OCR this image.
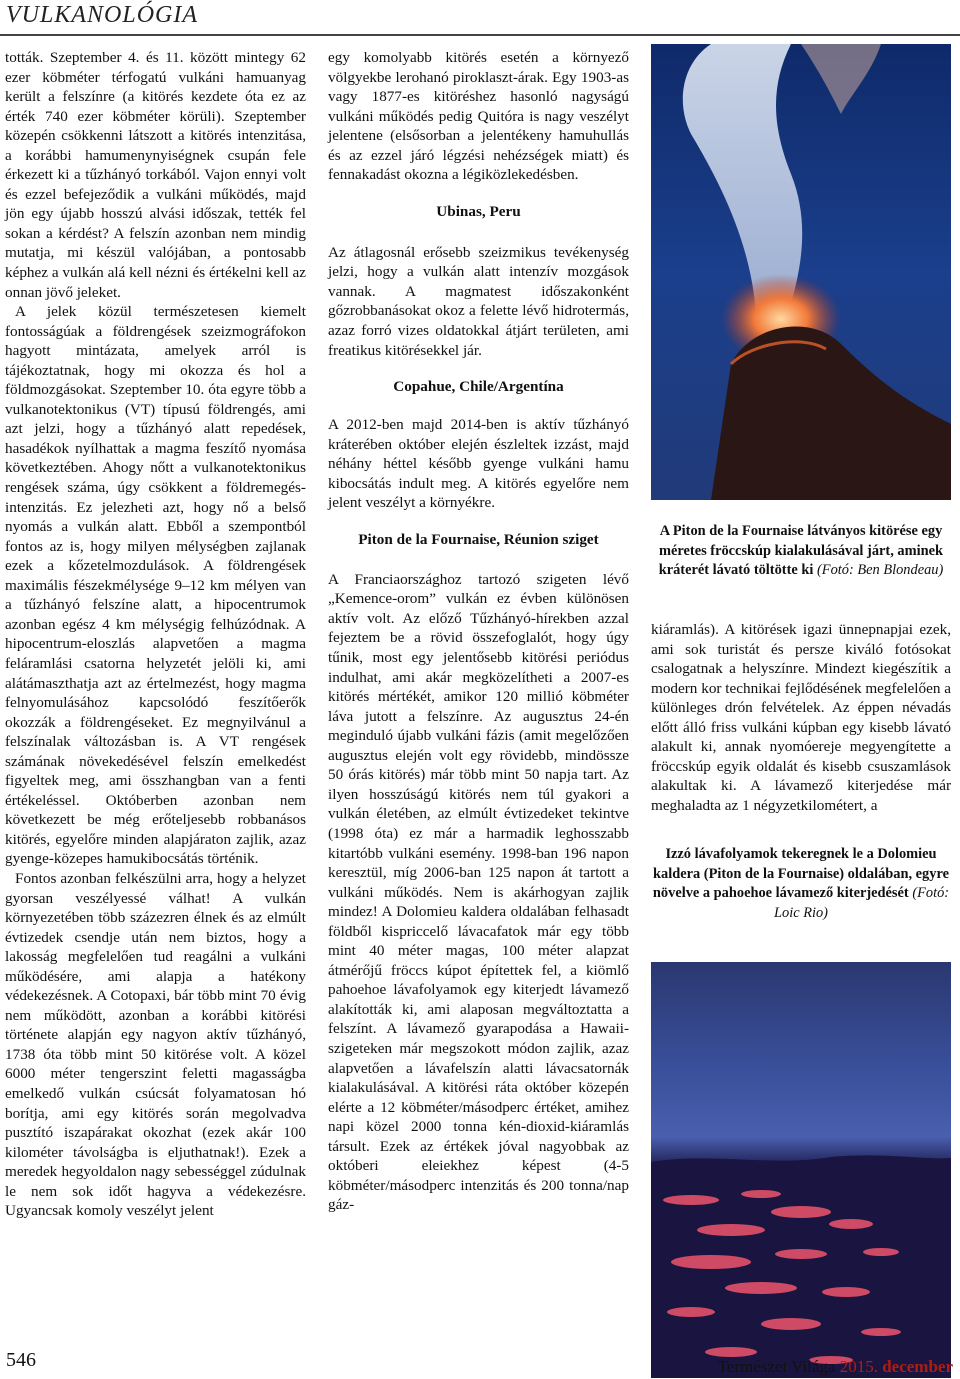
VULKANOLÓGIA

tották. Szeptember 4. és 11. között mintegy 62 ezer köbméter térfogatú vulkáni hamuanyag került a felszínre (a kitörés kezdete óta ez az érték 740 ezer köbméter körüli). Szeptember közepén csökkenni látszott a kitörés intenzitása, a korábbi hamumenynyiségnek csupán fele érkezett ki a tűzhányó torkából. Vajon ennyi volt és ezzel befejeződik a vulkáni működés, majd jön egy újabb hosszú alvási időszak, tették fel sokan a kérdést? A felszín azonban nem mindig mutatja, mi készül valójában, a pontosabb képhez a vulkán alá kell nézni és értékelni kell az onnan jövő jeleket.

A jelek közül természetesen kiemelt fontosságúak a földrengések szeizmográfokon hagyott mintázata, amelyek arról is tájékoztatnak, hogy mi okozza és hol a földmozgásokat. Szeptember 10. óta egyre több a vulkanotektonikus (VT) típusú földrengés, ami azt jelzi, hogy a tűzhányó alatt repedések, hasadékok nyílhattak a magma feszítő nyomása következtében. Ahogy nőtt a vulkanotektonikus rengések száma, úgy csökkent a földremegés-intenzitás. Ez jelezheti azt, hogy nő a belső nyomás a vulkán alatt. Ebből a szempontból fontos az is, hogy milyen mélységben zajlanak ezek a kőzetelmozdulások. A földrengések maximális fészekmélysége 9–12 km mélyen van a tűzhányó felszíne alatt, a hipocentrumok azonban egész 4 km mélységig felhúzódnak. A hipocentrum-eloszlás alapvetően a magma feláramlási csatorna helyzetét jelöli ki, ami alátámaszthatja azt az értelmezést, hogy magma felnyomulásához kapcsolódó feszítőerők okozzák a földrengéseket. Ez megnyilvánul a felszínalak változásban is. A VT rengések számának növekedésével felszín emelkedést figyeltek meg, ami összhangban van a fenti értékeléssel. Októberben azonban nem következett be még erőteljesebb robbanásos kitörés, egyelőre minden alapjáraton zajlik, azaz gyenge-közepes hamukibocsátás történik.

Fontos azonban felkészülni arra, hogy a helyzet gyorsan veszélyessé válhat! A vulkán környezetében több százezren élnek és az elmúlt évtizedek csendje után nem biztos, hogy a lakosság megfelelően tud reagálni a vulkáni működésére, ami alapja a hatékony védekezésnek. A Cotopaxi, bár több mint 70 évig nem működött, azonban a korábbi kitörési története alapján egy nagyon aktív tűzhányó, 1738 óta több mint 50 kitörése volt. A közel 6000 méter tengerszint feletti magasságba emelkedő vulkán csúcsát folyamatosan hó borítja, ami egy kitörés során megolvadva pusztító iszapárakat okozhat (ezek akár 100 kilométer távolságba is eljuthatnak!). Ezek a meredek hegyoldalon nagy sebességgel zúdulnak le nem sok időt hagyva a védekezésre. Ugyancsak komoly veszélyt jelent

egy komolyabb kitörés esetén a környező völgyekbe lerohanó piroklaszt-árak. Egy 1903-as vagy 1877-es kitöréshez hasonló nagyságú vulkáni működés pedig Quitóra is nagy veszélyt jelentene (elsősorban a jelentékeny hamuhullás és az ezzel járó légzési nehézségek miatt) és fennakadást okozna a légiközlekedésben.

Ubinas, Peru

Az átlagosnál erősebb szeizmikus tevékenység jelzi, hogy a vulkán alatt intenzív mozgások vannak. A magmatest időszakonként gőzrobbanásokat okoz a felette lévő hidrotermás, azaz forró vizes oldatokkal átjárt területen, ami freatikus kitörésekkel jár.

Copahue, Chile/Argentína

A 2012-ben majd 2014-ben is aktív tűzhányó kráterében október elején észleltek izzást, majd néhány héttel később gyenge vulkáni hamu kibocsátás indult meg. A kitörés egyelőre nem jelent veszélyt a környékre.

Piton de la Fournaise, Réunion sziget

A Franciaországhoz tartozó szigeten lévő „Kemence-orom” vulkán ez évben különösen aktív volt. Az előző Tűzhányó-hírekben azzal fejeztem be a rövid összefoglalót, hogy úgy tűnik, most egy jelentősebb kitörési periódus indulhat, ami akár megközelítheti a 2007-es kitörés mértékét, amikor 120 millió köbméter láva jutott a felszínre. Az augusztus 24-én meginduló újabb vulkáni fázis (amit megelőzően augusztus elején volt egy rövidebb, mindössze 50 órás kitörés) már több mint 50 napja tart. Az ilyen hosszúságú kitörés nem túl gyakori a vulkán életében, az elmúlt évtizedeket tekintve (1998 óta) ez már a harmadik leghosszabb kitartóbb vulkáni esemény. 1998-ban 196 napon keresztül, míg 2006-ban 125 napon át tartott a vulkáni működés. Nem is akárhogyan zajlik mindez! A Dolomieu kaldera oldalában felhasadt földből kispriccelő lávacafatok már egy több mint 40 méter magas, 100 méter alapzat átmérőjű fröccs kúpot építettek fel, a kiömlő pahoehoe lávafolyamok egy kiterjedt lávamező alakították ki, ami alaposan megváltoztatta a felszínt. A lávamező gyarapodása a Hawaii-szigeteken már megszokott módon zajlik, azaz alapvetően a lávafelszín alatti lávacsatornák kialakulásával. A kitörési ráta október közepén elérte a 12 köbméter/másodperc értéket, amihez napi közel 2000 tonna kén-dioxid-kiáramlás társult. Ezek az értékek jóval nagyobbak az októberi eleiekhez képest (4-5 köbméter/másodperc intenzitás és 200 tonna/nap gáz-

A Piton de la Fournaise látványos kitörése egy méretes fröccskúp kialakulásával járt, aminek kráterét lávató töltötte ki (Fotó: Ben Blondeau)

kiáramlás). A kitörések igazi ünnepnapjai ezek, ami sok turistát és persze kiváló fotósokat csalogatnak a helyszínre. Mindezt kiegészítik a modern kor technikai fejlődésének megfelelően a különleges drón felvételek. Az éppen névadás előtt álló friss vulkáni kúpban egy kisebb lávató alakult ki, annak nyomóereje megyengítette a fröccskúp egyik oldalát és kisebb csuszamlások alakultak ki. A lávamező kiterjedése már meghaladta az 1 négyzetkilométert, a

Izzó lávafolyamok tekeregnek le a Dolomieu kaldera (Piton de la Fournaise) oldalában, egyre növelve a pahoehoe lávamező kiterjedését (Fotó: Loic Rio)
546	Természet Világa 2015. december
